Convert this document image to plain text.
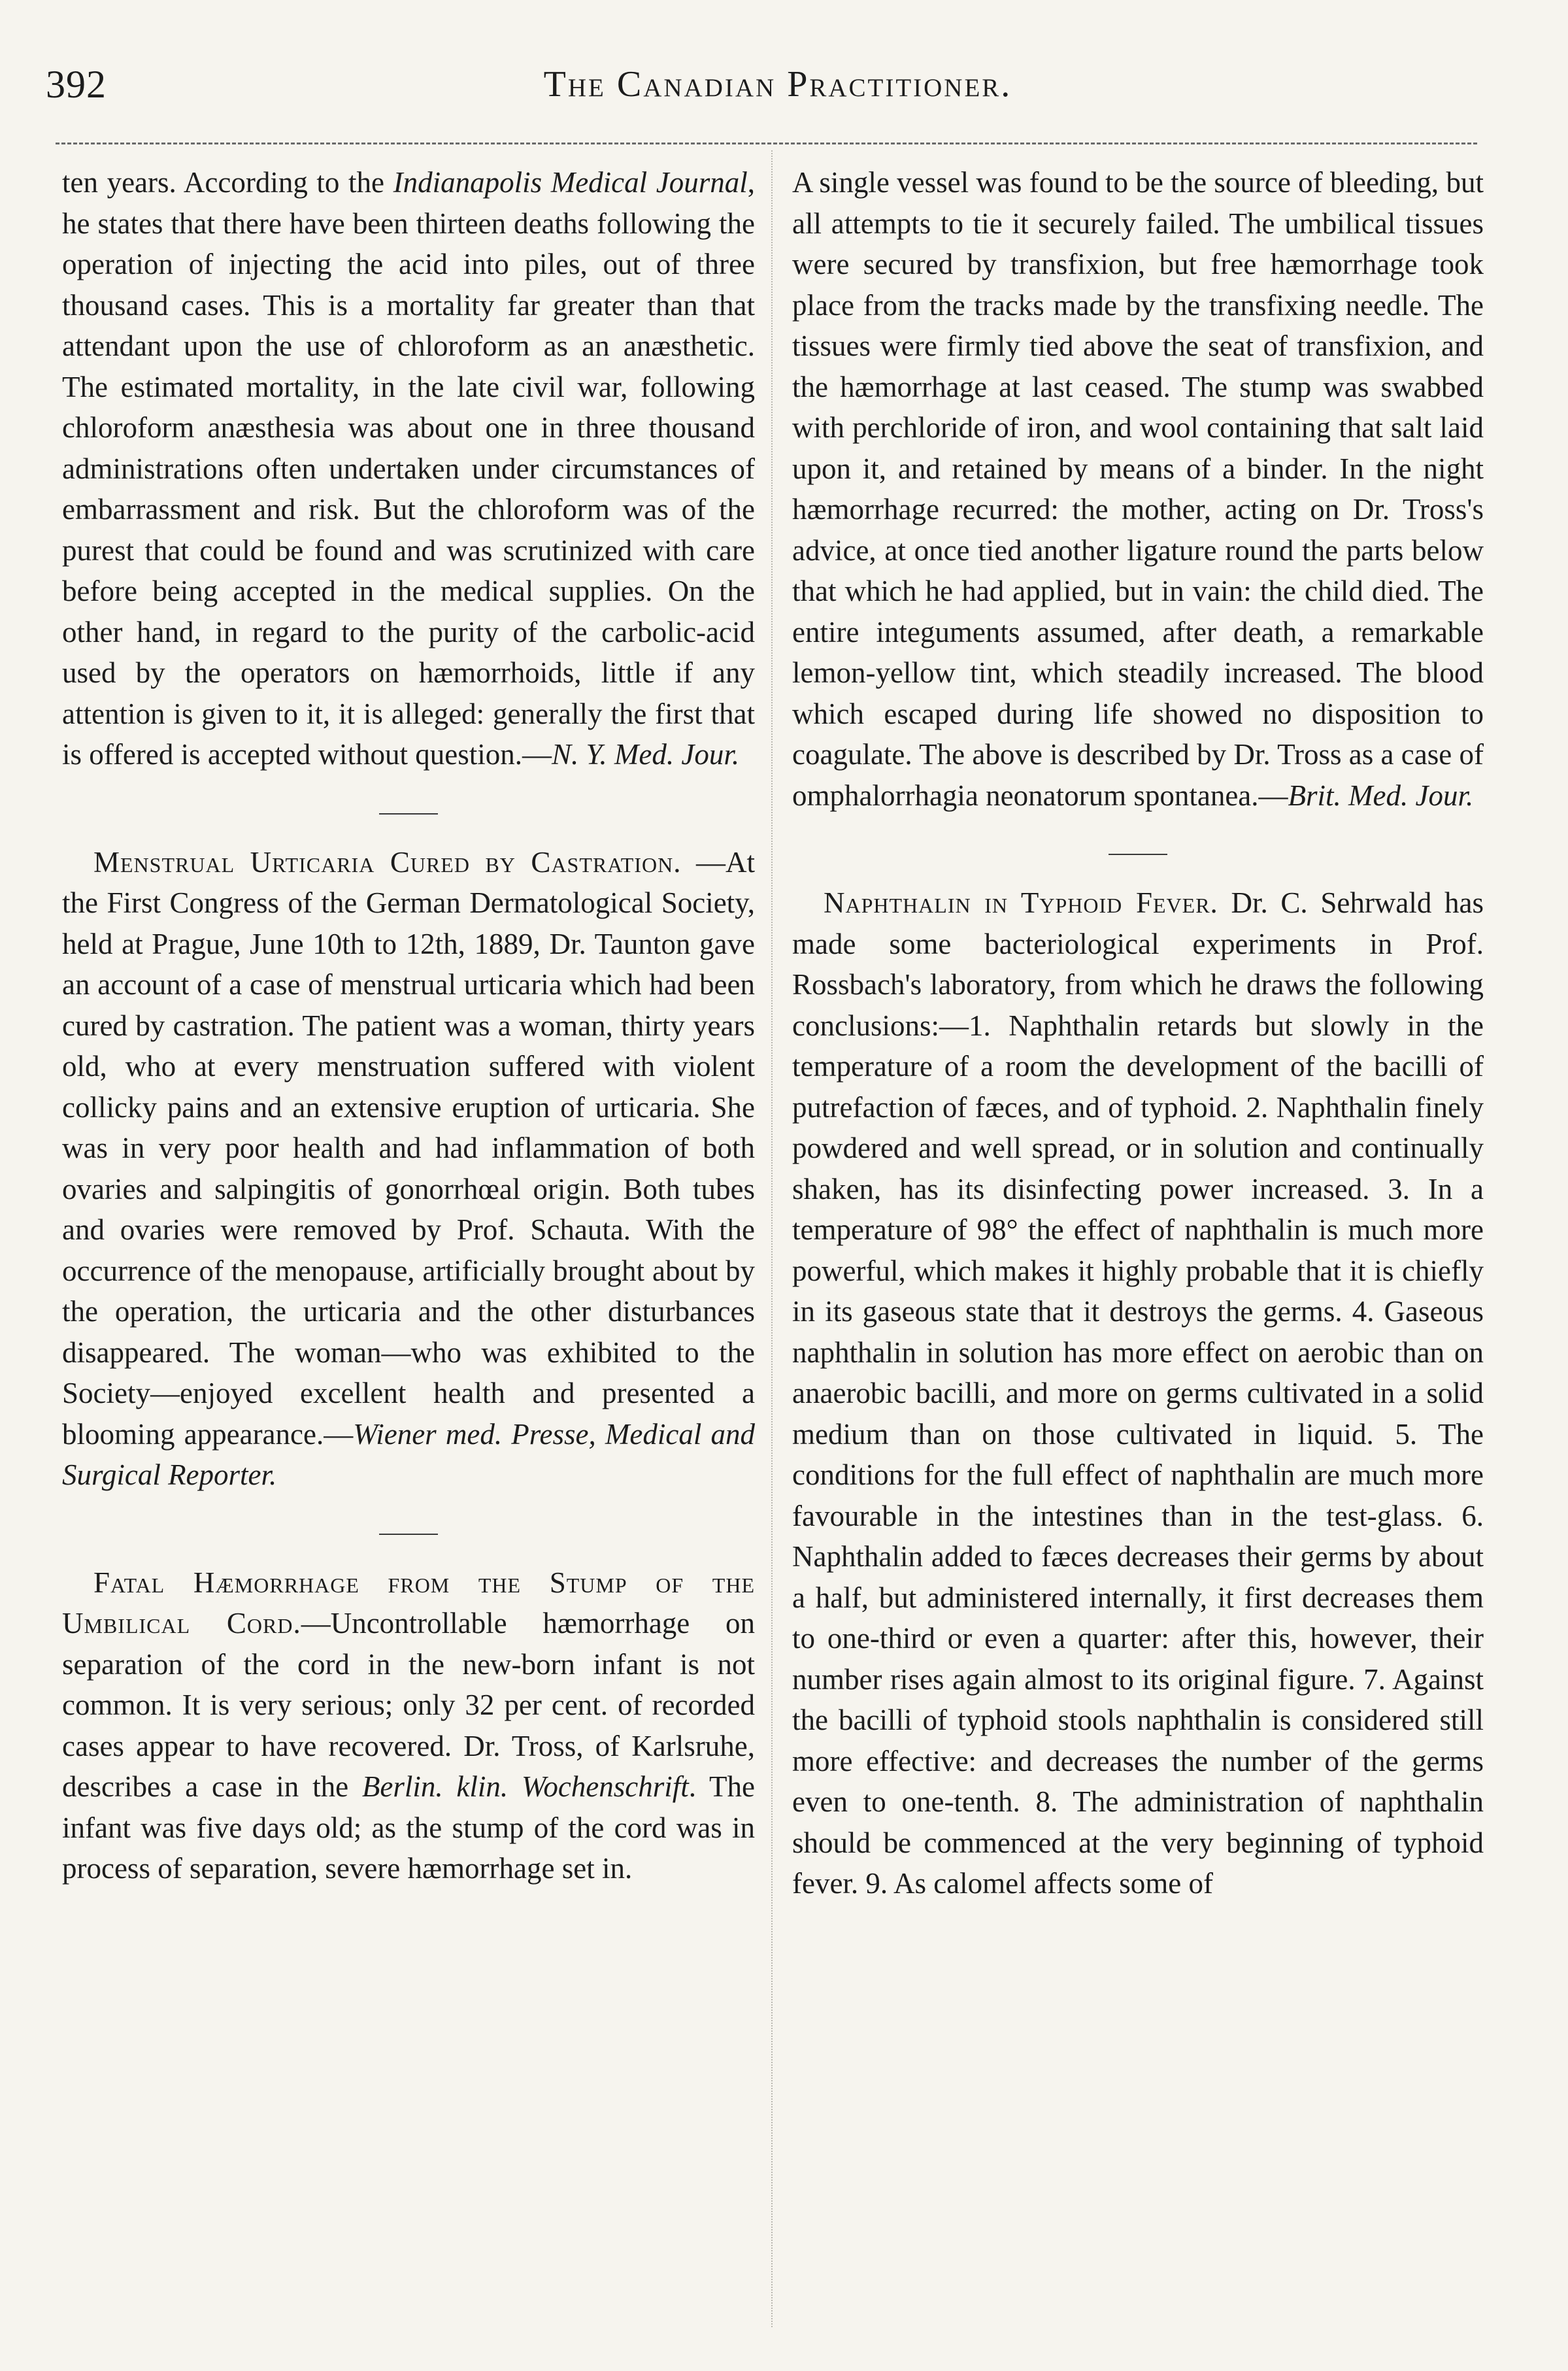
392	The Canadian Practitioner.

ten years. According to the Indianapolis Medical Journal, he states that there have been thirteen deaths following the operation of injecting the acid into piles, out of three thousand cases. This is a mortality far greater than that attendant upon the use of chloroform as an anæsthetic. The estimated mortality, in the late civil war, following chloroform anæsthesia was about one in three thousand administrations often undertaken under circumstances of embarrassment and risk. But the chloroform was of the purest that could be found and was scrutinized with care before being accepted in the medical supplies. On the other hand, in regard to the purity of the carbolic-acid used by the operators on hæmorrhoids, little if any attention is given to it, it is alleged: generally the first that is offered is accepted without question.—N. Y. Med. Jour.

Menstrual Urticaria Cured by Castration. —At the First Congress of the German Dermatological Society, held at Prague, June 10th to 12th, 1889, Dr. Taunton gave an account of a case of menstrual urticaria which had been cured by castration. The patient was a woman, thirty years old, who at every menstruation suffered with violent collicky pains and an extensive eruption of urticaria. She was in very poor health and had inflammation of both ovaries and salpingitis of gonorrhœal origin. Both tubes and ovaries were removed by Prof. Schauta. With the occurrence of the menopause, artificially brought about by the operation, the urticaria and the other disturbances disappeared. The woman—who was exhibited to the Society—enjoyed excellent health and presented a blooming appearance.—Wiener med. Presse, Medical and Surgical Reporter.

Fatal Hæmorrhage from the Stump of the Umbilical Cord.—Uncontrollable hæmorrhage on separation of the cord in the new-born infant is not common. It is very serious; only 32 per cent. of recorded cases appear to have recovered. Dr. Tross, of Karlsruhe, describes a case in the Berlin. klin. Wochenschrift. The infant was five days old; as the stump of the cord was in process of separation, severe hæmorrhage set in.

A single vessel was found to be the source of bleeding, but all attempts to tie it securely failed. The umbilical tissues were secured by transfixion, but free hæmorrhage took place from the tracks made by the transfixing needle. The tissues were firmly tied above the seat of transfixion, and the hæmorrhage at last ceased. The stump was swabbed with perchloride of iron, and wool containing that salt laid upon it, and retained by means of a binder. In the night hæmorrhage recurred: the mother, acting on Dr. Tross's advice, at once tied another ligature round the parts below that which he had applied, but in vain: the child died. The entire integuments assumed, after death, a remarkable lemon-yellow tint, which steadily increased. The blood which escaped during life showed no disposition to coagulate. The above is described by Dr. Tross as a case of omphalorrhagia neonatorum spontanea.—Brit. Med. Jour.

Naphthalin in Typhoid Fever. Dr. C. Sehrwald has made some bacteriological experiments in Prof. Rossbach's laboratory, from which he draws the following conclusions:—1. Naphthalin retards but slowly in the temperature of a room the development of the bacilli of putrefaction of fæces, and of typhoid. 2. Naphthalin finely powdered and well spread, or in solution and continually shaken, has its disinfecting power increased. 3. In a temperature of 98° the effect of naphthalin is much more powerful, which makes it highly probable that it is chiefly in its gaseous state that it destroys the germs. 4. Gaseous naphthalin in solution has more effect on aerobic than on anaerobic bacilli, and more on germs cultivated in a solid medium than on those cultivated in liquid. 5. The conditions for the full effect of naphthalin are much more favourable in the intestines than in the test-glass. 6. Naphthalin added to fæces decreases their germs by about a half, but administered internally, it first decreases them to one-third or even a quarter: after this, however, their number rises again almost to its original figure. 7. Against the bacilli of typhoid stools naphthalin is considered still more effective: and decreases the number of the germs even to one-tenth. 8. The administration of naphthalin should be commenced at the very beginning of typhoid fever. 9. As calomel affects some of
